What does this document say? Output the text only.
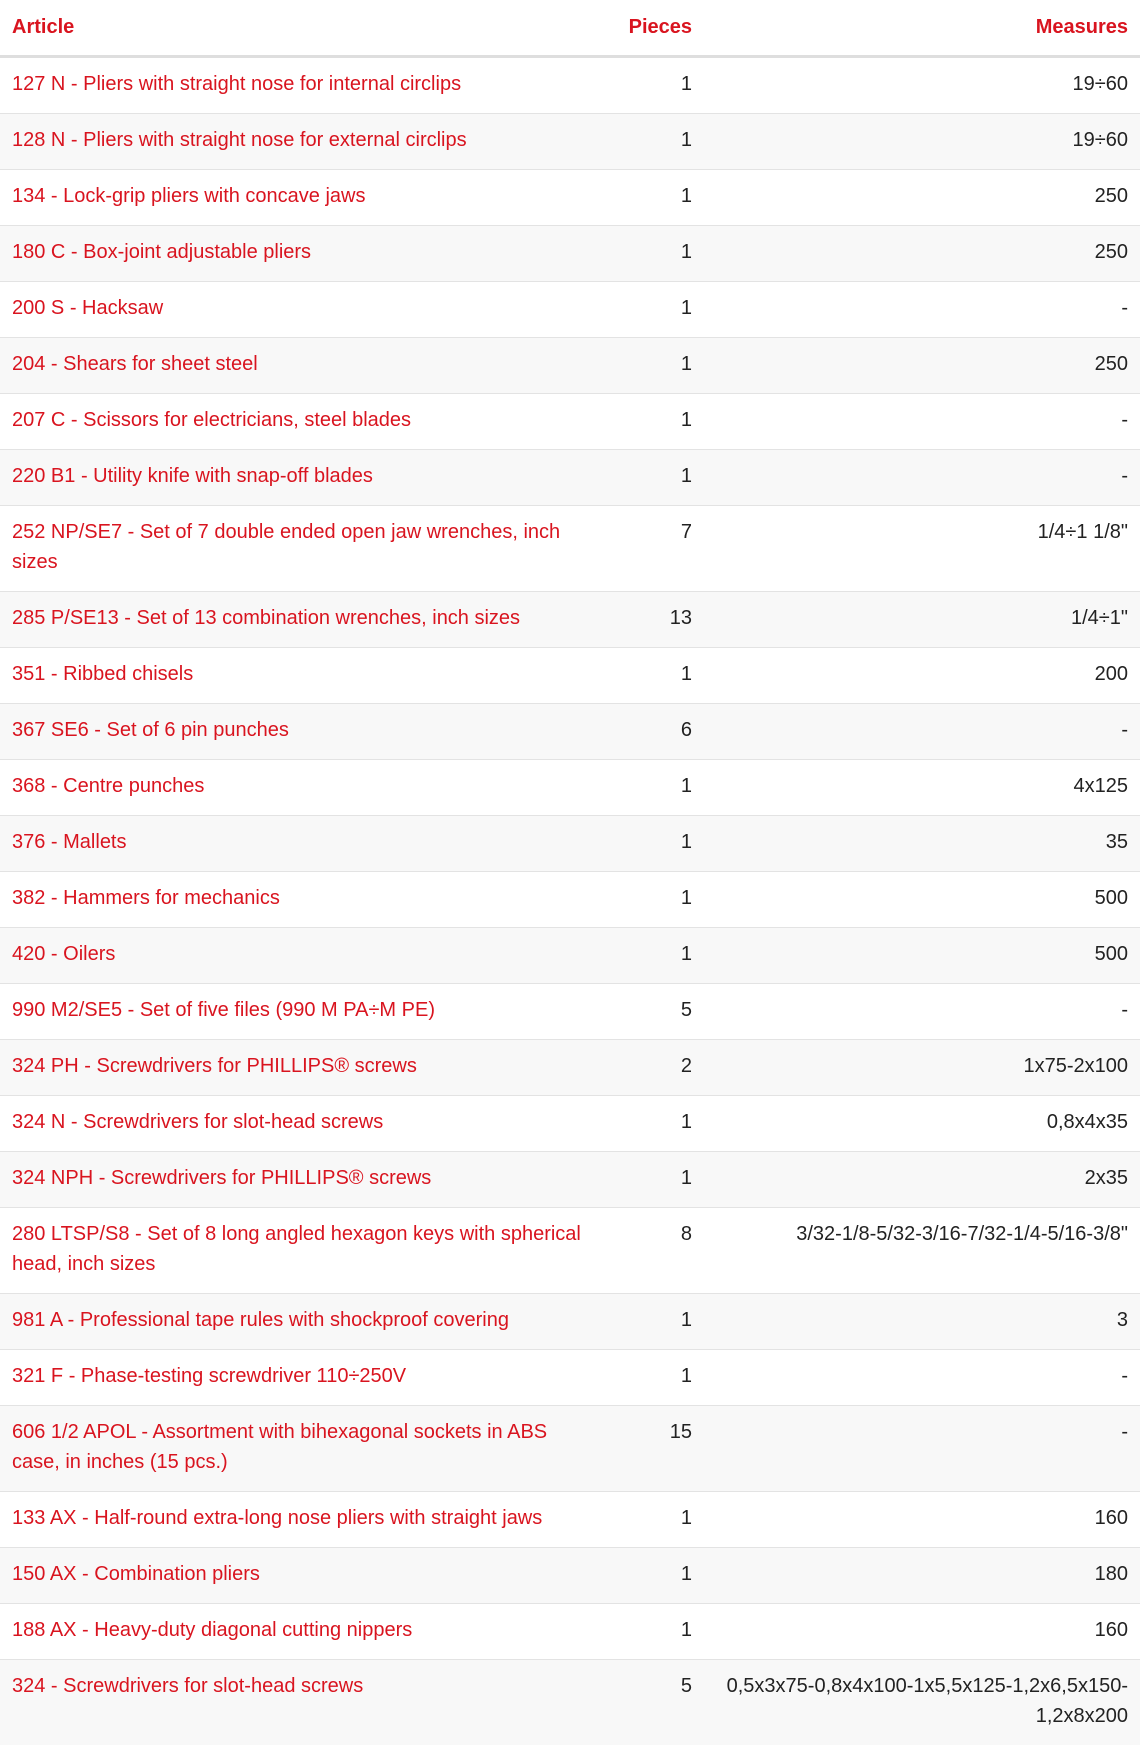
Article	Pieces	Measures
127 N - Pliers with straight nose for internal circlips	1	19÷60
128 N - Pliers with straight nose for external circlips	1	19÷60
134 - Lock-grip pliers with concave jaws	1	250
180 C - Box-joint adjustable pliers	1	250
200 S - Hacksaw	1	-
204 - Shears for sheet steel	1	250
207 C - Scissors for electricians, steel blades	1	-
220 B1 - Utility knife with snap-off blades	1	-
252 NP/SE7 - Set of 7 double ended open jaw wrenches, inch sizes	7	1/4÷1 1/8"
285 P/SE13 - Set of 13 combination wrenches, inch sizes	13	1/4÷1"
351 - Ribbed chisels	1	200
367 SE6 - Set of 6 pin punches	6	-
368 - Centre punches	1	4x125
376 - Mallets	1	35
382 - Hammers for mechanics	1	500
420 - Oilers	1	500
990 M2/SE5 - Set of five files (990 M PA÷M PE)	5	-
324 PH - Screwdrivers for PHILLIPS® screws	2	1x75-2x100
324 N - Screwdrivers for slot-head screws	1	0,8x4x35
324 NPH - Screwdrivers for PHILLIPS® screws	1	2x35
280 LTSP/S8 - Set of 8 long angled hexagon keys with spherical head, inch sizes	8	3/32-1/8-5/32-3/16-7/32-1/4-5/16-3/8"
981 A - Professional tape rules with shockproof covering	1	3
321 F - Phase-testing screwdriver 110÷250V	1	-
606 1/2 APOL - Assortment with bihexagonal sockets in ABS case, in inches (15 pcs.)	15	-
133 AX - Half-round extra-long nose pliers with straight jaws	1	160
150 AX - Combination pliers	1	180
188 AX - Heavy-duty diagonal cutting nippers	1	160
324 - Screwdrivers for slot-head screws	5	0,5x3x75-0,8x4x100-1x5,5x125-1,2x6,5x150-1,2x8x200
